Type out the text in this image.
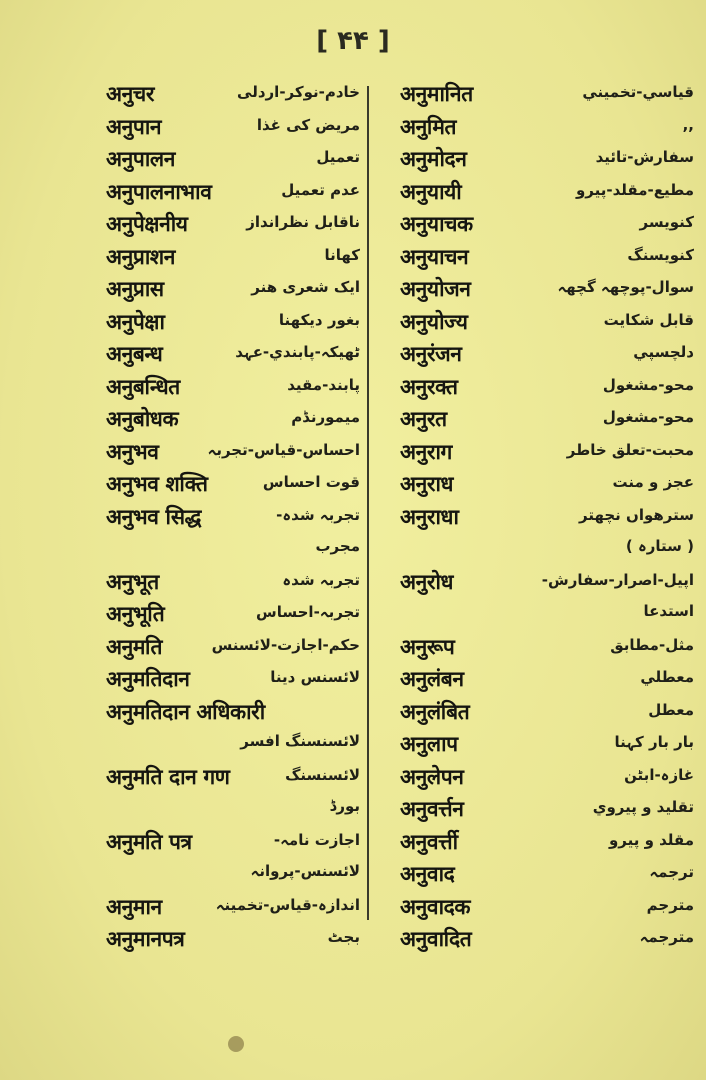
[ ۴۴ ]
अनुचर	خادم-نوکر-اردلی
अनुपान	مریض کی غذا
अनुपालन	تعمیل
अनुपालनाभाव	عدم تعمیل
अनुपेक्षनीय	ناقابل نظرانداز
अनुप्राशन	کھانا
अनुप्रास	ایک شعری هنر
अनुपेक्षा	بغور دیکھنا
अनुबन्ध	ٹھیکہ-پابندي-عہد
अनुबन्धित	پابند-مقید
अनुबोधक	میمورنڈم
अनुभव	احساس-قیاس-تجربہ
अनुभव शक्ति	قوت احساس
अनुभव सिद्ध	تجربہ شدہ-
مجرب
अनुभूत	تجربہ شدہ
अनुभूति	تجربہ-احساس
अनुमति	حکم-اجازت-لائسنس
अनुमतिदान	لائسنس دینا
अनुमतिदान अधिकारी
لائسنسنگ افسر
अनुमति दान गण	لائسنسنگ
بورڈ
अनुमति पत्र	اجازت نامہ-
لائسنس-پروانہ
अनुमान	اندازہ-قیاس-تخمینہ
अनुमानपत्र	بجٹ
अनुमानित	قیاسي-تخمیني
अनुमित	,,
अनुमोदन	سفارش-تائید
अनुयायी	مطیع-مقلد-پیرو
अनुयाचक	کنویسر
अनुयाचन	کنویسنگ
अनुयोजन	سوال-پوچھہ گچھہ
अनुयोज्य	قابل شکایت
अनुरंजन	دلچسپي
अनुरक्त	محو-مشغول
अनुरत	محو-مشغول
अनुराग	محبت-تعلق خاطر
अनुराध	عجز و منت
अनुराधा	سترهواں نچھتر
( ستارہ )
अनुरोध	اپیل-اصرار-سفارش-
استدعا
अनुरूप	مثل-مطابق
अनुलंबन	معطلي
अनुलंबित	معطل
अनुलाप	بار بار کہنا
अनुलेपन	غازہ-ابٹن
अनुवर्त्तन	تقلید و پیروي
अनुवर्त्ती	مقلد و پیرو
अनुवाद	ترجمہ
अनुवादक	مترجم
अनुवादित	مترجمہ
